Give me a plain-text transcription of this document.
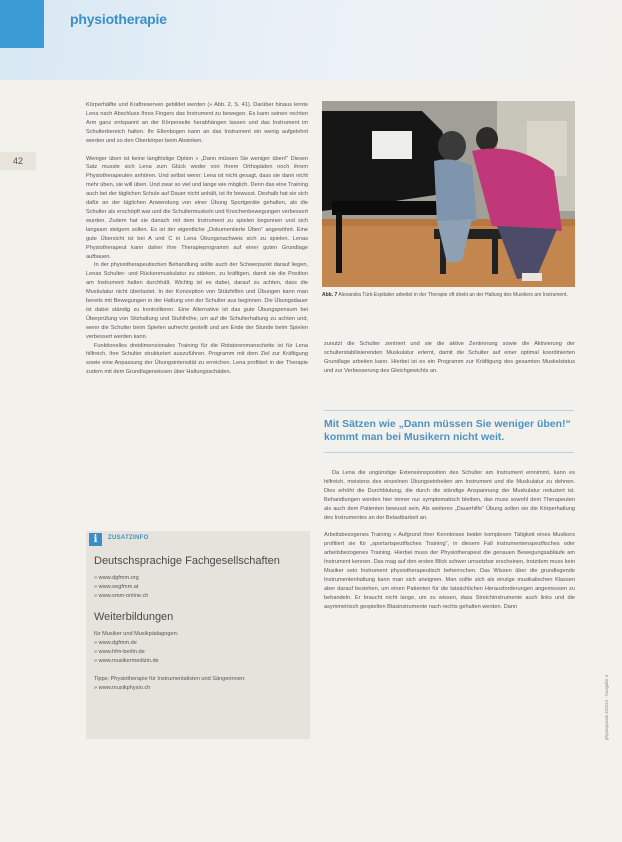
physiotherapie
42

Körperhälfte und Kraftreserven gebildet werden (» Abb. 2, S. 41). Darüber hinaus lernte Lena nach Abschluss Ihres Fingers das Instrument zu bewegen. Es kann seinen rechten Arm ganz entspannt an der Körperseite herabhängen lassen und das Instrument im Schulterbereich halten. Ihr Ellenbogen kann an das Instrument ein wenig aufgelehnt werden und so den Oberkörper beim Absinken.

Weniger üben ist keine langfristige Option » „Dann müssen Sie weniger üben!“ Diesen Satz musste sich Lena zum Glück weder von ihrem Orthopäden noch ihrem Physiotherapeuten anhören. Und selbst wenn: Lena ist nicht gesagt, dass sie dann nicht mehr üben, sie will üben. Und zwar so viel und lange wie möglich. Denn das eine Training auch bei der täglichen Schule auf Dauer nicht anhält, ist ihr bewusst. Deshalb hat sie sich dafür an der täglichen Anwendung von einer Übung Sportgeräte gehalten, als die Schulter als erschöpft war und die Schultermuskeln und Knochenbewegungen verbessert wurden. Zudem hat sie danach mit dem Instrument zu spielen begonnen und sich langsam steigern sollen. Es ist der eigentliche „Dokumentierte Üben“ angewöhnt. Eine gute Übersicht ist bei A und C in Lena Übungsnachweis sich zu spielen. Lenas Physiotherapeut kann daher ihre Therapieprogramm auf einer guten Grundlage aufbauen.

In der physiotherapeutischen Behandlung sollte auch der Schwerpunkt darauf liegen, Lenas Schulter- und Rückenmuskulatur zu stärken, zu kräftigen, damit sie die Position am Instrument halten durchhält. Wichtig ist es dabei, darauf zu achten, dass die Muskulatur nicht überlastet. In der Konzeption von Stützhilfen und Übungen kann man bereits mit Bewegungen in der Haltung von der Schulter aus beginnen. Die Übungsdauer ist dabei ständig zu kontrollieren. Eine Alternative ist das gute Übungspensum bei Überprüfung von Sitzhaltung und Stuhlhöhe, um auf die Schulterhaltung zu achten und, wenn die Schulter beim Spielen aufrecht gestellt und am Ende der Stunde beim Spielen verbessert werden kann.

Funktionelles dreidimensionales Training für die Rotatorenmanschette ist für Lena hilfreich, ihre Schulter strukturiert auszuführen. Programm mit dem Ziel zur Kräftigung sowie eine Anpassung der Übungsintensität zu erreichen. Lena profitiert in der Therapie zudem mit dem Grundlagenwissen über Haltungsschäden.

Abb. 7 Alexandra Türk-Espitalier arbeitet in der Therapie oft direkt an der Haltung des Musikers am Instrument.

zunutzt die Schulter zentriert und sie die aktive Zentrierung sowie die Aktivierung der schulterstabilisierenden Muskulatur erlernt, damit die Schulter auf einer optimal koordinierten Grundlage arbeiten kann. Hierbei ist es ein Programm zur Kräftigung des gesamten Muskelstatus und zur Verbesserung des Gleichgewichts an.

Mit Sätzen wie „Dann müssen Sie weniger üben!“ kommt man bei Musikern nicht weit.

Da Lena die ungünstige Extensionsposition des Schulter am Instrument einnimmt, kann es hilfreich, meistens des einzelnen Übungseinheiten am Instrument und die Muskulatur zu dehnen. Dies erhöht die Durchblutung, die durch die ständige Anspannung der Muskulatur reduziert ist. Behandlungen werden hier immer nur symptomatisch bleiben, das muss sowohl dem Therapeuten als auch dem Patienten bewusst sein. Als weiteres „Dauerhilfe“ Übung sollen sie die Körperhaltung des Instrumentes an der Belastbarkeit an.

Arbeitsbezogenes Training » Aufgrund ihrer Kenntnisse beider komplexen Tätigkeit eines Musikers profitiert sie für „sportartspezifisches Training“, in diesem Fall instrumentenspezifisches oder arbeitsbezogenes Training. Hierbei muss der Physiotherapeut die genauen Bewegungsabläufe am Instrument kennen. Das mag auf den ersten Blick schwer umsetzbar erscheinen, trotzdem muss kein Musiker sein Instrument physiotherapeutisch beherrschen. Das Wissen über die grundlegende Instrumentenhaltung kann man sich aneignen. Man sollte sich als einzige musikalischen Klassen aber darauf beziehen, um einen Patienten für die tatsächlichen Herausforderungen angemessen zu behandeln. Er braucht nicht lange, um zu wissen, dass Streichinstrumente auch links und die asymmetrisch gespielten Blasinstrumente nach rechts gehalten werden. Dann

i	ZUSATZINFO
Deutschsprachige Fachgesellschaften
» www.dgfmm.org
» www.oegfmm.at
» www.smm-online.ch
Weiterbildungen
für Musiker und Musikpädagogen:
» www.dgfmm.de
» www.hfm-berlin.de
» www.musikermedizin.de
Tipps: Physiotherapie für Instrumentalisten und Sängerinnen:
» www.musikphysio.ch	physiopraxis 4/2013 · Ausgabe 4
